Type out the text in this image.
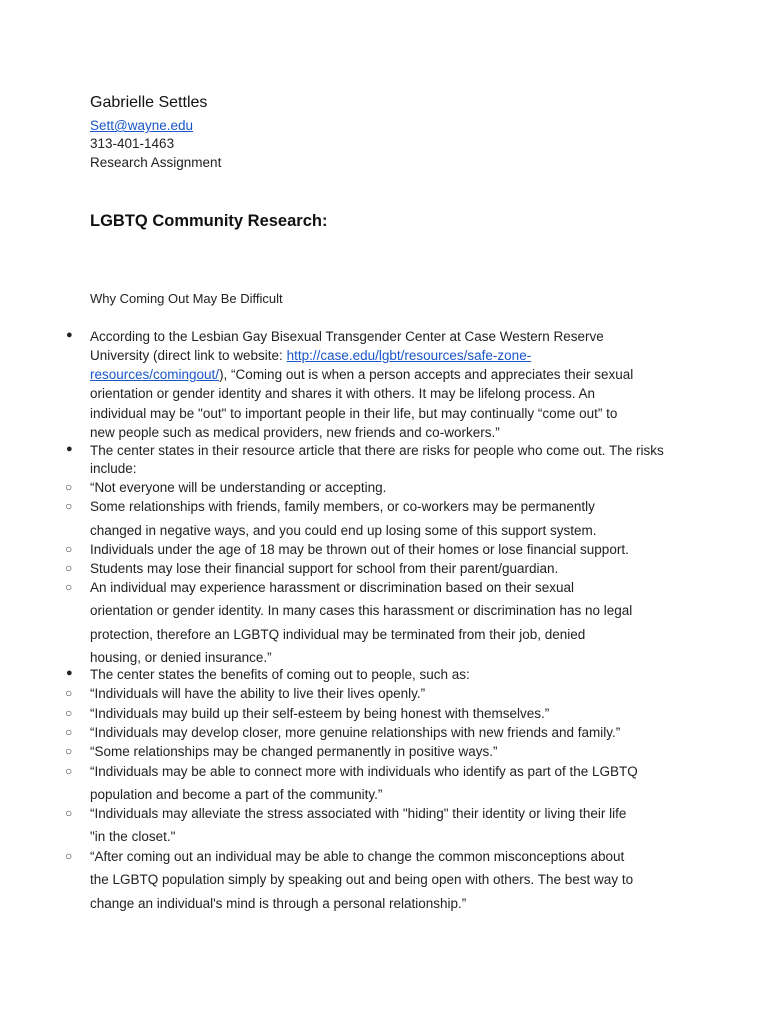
Gabrielle Settles
Sett@wayne.edu
313-401-1463
Research Assignment
LGBTQ Community Research:
Why Coming Out May Be Difficult
● According to the Lesbian Gay Bisexual Transgender Center at Case Western Reserve
University (direct link to website: http://case.edu/lgbt/resources/safe-zone-
resources/comingout/), “Coming out is when a person accepts and appreciates their sexual
orientation or gender identity and shares it with others. It may be lifelong process. An
individual may be "out" to important people in their life, but may continually “come out” to
new people such as medical providers, new friends and co-workers.”
● The center states in their resource article that there are risks for people who come out. The risks
include:
○ “Not everyone will be understanding or accepting.
○ Some relationships with friends, family members, or co-workers may be permanently
changed in negative ways, and you could end up losing some of this support system.
○ Individuals under the age of 18 may be thrown out of their homes or lose financial support.
○ Students may lose their financial support for school from their parent/guardian.
○ An individual may experience harassment or discrimination based on their sexual
orientation or gender identity. In many cases this harassment or discrimination has no legal
protection, therefore an LGBTQ individual may be terminated from their job, denied
housing, or denied insurance.”
● The center states the benefits of coming out to people, such as:
○ “Individuals will have the ability to live their lives openly.”
○ “Individuals may build up their self-esteem by being honest with themselves.”
○ “Individuals may develop closer, more genuine relationships with new friends and family.”
○ “Some relationships may be changed permanently in positive ways.”
○ “Individuals may be able to connect more with individuals who identify as part of the LGBTQ
population and become a part of the community.”
○ “Individuals may alleviate the stress associated with "hiding" their identity or living their life
"in the closet."
○ “After coming out an individual may be able to change the common misconceptions about
the LGBTQ population simply by speaking out and being open with others. The best way to
change an individual's mind is through a personal relationship.”
